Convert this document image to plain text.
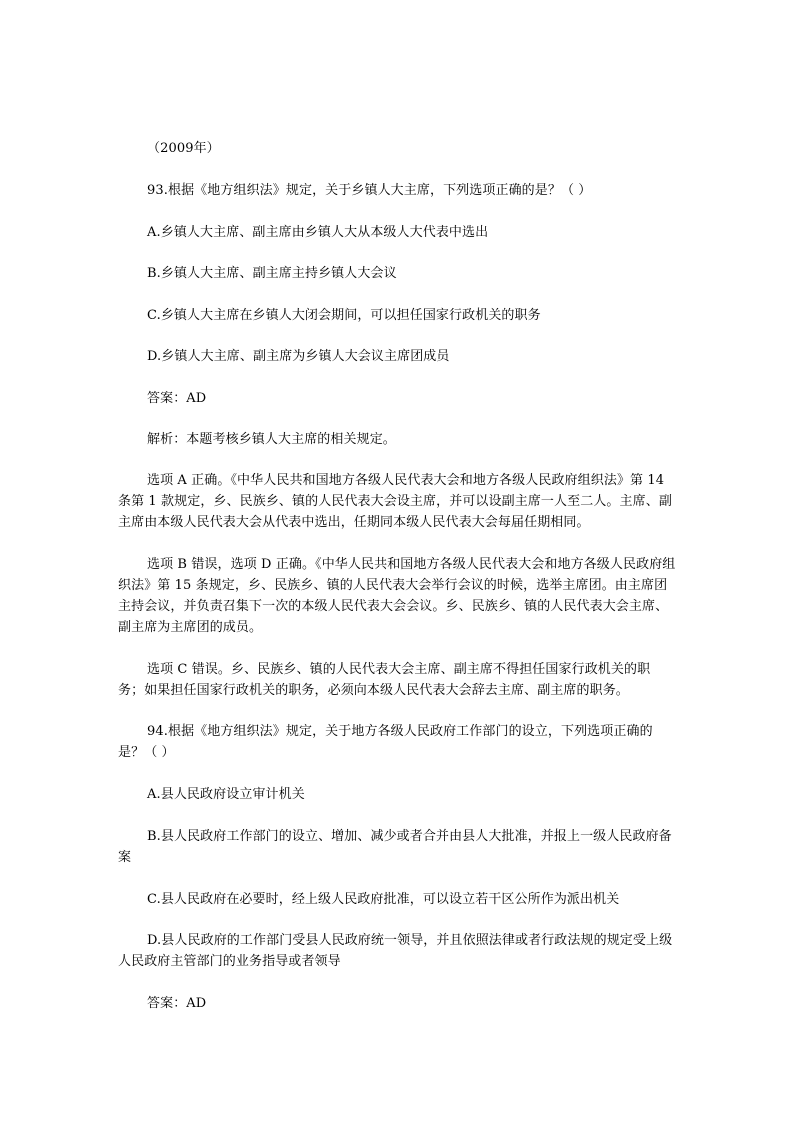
（2009年）

93.根据《地方组织法》规定，关于乡镇人大主席，下列选项正确的是？（ ）

A.乡镇人大主席、副主席由乡镇人大从本级人大代表中选出

B.乡镇人大主席、副主席主持乡镇人大会议

C.乡镇人大主席在乡镇人大闭会期间，可以担任国家行政机关的职务

D.乡镇人大主席、副主席为乡镇人大会议主席团成员

答案：AD

解析：本题考核乡镇人大主席的相关规定。

选项 A 正确。《中华人民共和国地方各级人民代表大会和地方各级人民政府组织法》第 14 条第 1 款规定，乡、民族乡、镇的人民代表大会设主席，并可以设副主席一人至二人。主席、副主席由本级人民代表大会从代表中选出，任期同本级人民代表大会每届任期相同。

选项 B 错误，选项 D 正确。《中华人民共和国地方各级人民代表大会和地方各级人民政府组织法》第 15 条规定，乡、民族乡、镇的人民代表大会举行会议的时候，选举主席团。由主席团主持会议，并负责召集下一次的本级人民代表大会会议。乡、民族乡、镇的人民代表大会主席、副主席为主席团的成员。

选项 C 错误。乡、民族乡、镇的人民代表大会主席、副主席不得担任国家行政机关的职务；如果担任国家行政机关的职务，必须向本级人民代表大会辞去主席、副主席的职务。

94.根据《地方组织法》规定，关于地方各级人民政府工作部门的设立，下列选项正确的是？（ ）

A.县人民政府设立审计机关

B.县人民政府工作部门的设立、增加、减少或者合并由县人大批准，并报上一级人民政府备案

C.县人民政府在必要时，经上级人民政府批准，可以设立若干区公所作为派出机关

D.县人民政府的工作部门受县人民政府统一领导，并且依照法律或者行政法规的规定受上级人民政府主管部门的业务指导或者领导

答案：AD
